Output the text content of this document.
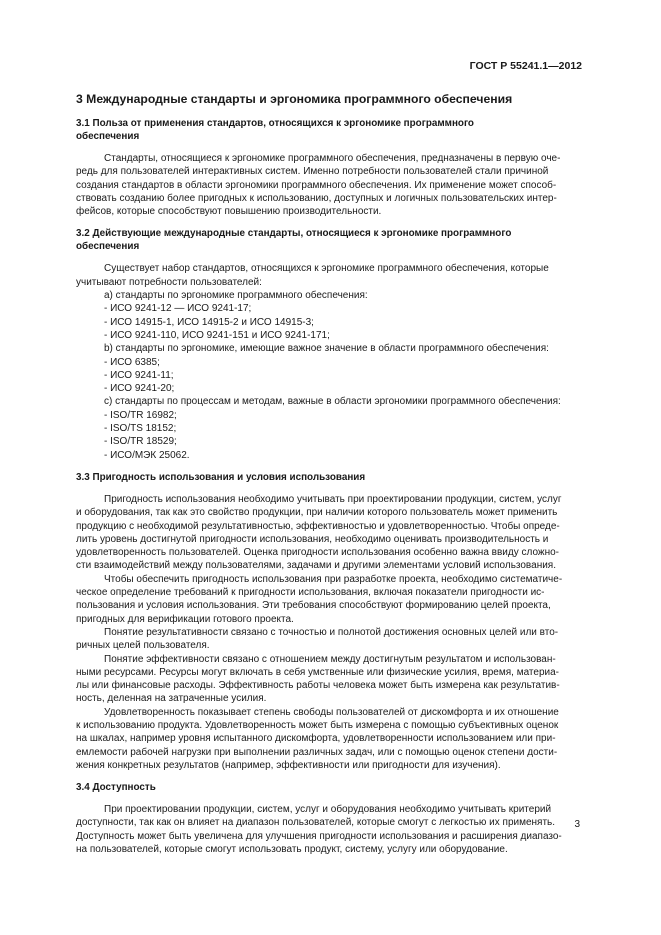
ГОСТ Р 55241.1—2012
3 Международные стандарты и эргономика программного обеспечения
3.1 Польза от применения стандартов, относящихся к эргономике программного
обеспечения

Стандарты, относящиеся к эргономике программного обеспечения, предназначены в первую оче-

редь для пользователей интерактивных систем. Именно потребности пользователей стали причиной

создания стандартов в области эргономики программного обеспечения. Их применение может способ-

ствовать созданию более пригодных к использованию, доступных и логичных пользовательских интер-

фейсов, которые способствуют повышению производительности.

3.2 Действующие международные стандарты, относящиеся к эргономике программного
обеспечения

Существует набор стандартов, относящихся к эргономике программного обеспечения, которые

учитывают потребности пользователей:

a) стандарты по эргономике программного обеспечения:

- ИСО 9241-12 — ИСО 9241-17;

- ИСО 14915-1, ИСО 14915-2 и ИСО 14915-3;

- ИСО 9241-110, ИСО 9241-151 и ИСО 9241-171;

b) стандарты по эргономике, имеющие важное значение в области программного обеспечения:

- ИСО 6385;

- ИСО 9241-11;

- ИСО 9241-20;

c) стандарты по процессам и методам, важные в области эргономики программного обеспечения:

- ISO/TR 16982;

- ISO/TS 18152;

- ISO/TR 18529;

- ИСО/МЭК 25062.

3.3 Пригодность использования и условия использования

Пригодность использования необходимо учитывать при проектировании продукции, систем, услуг

и оборудования, так как это свойство продукции, при наличии которого пользователь может применить

продукцию с необходимой результативностью, эффективностью и удовлетворенностью. Чтобы опреде-

лить уровень достигнутой пригодности использования, необходимо оценивать производительность и

удовлетворенность пользователей. Оценка пригодности использования особенно важна ввиду сложно-

сти взаимодействий между пользователями, задачами и другими элементами условий использования.

Чтобы обеспечить пригодность использования при разработке проекта, необходимо систематиче-

ческое определение требований к пригодности использования, включая показатели пригодности ис-

пользования и условия использования. Эти требования способствуют формированию целей проекта,

пригодных для верификации готового проекта.

Понятие результативности связано с точностью и полнотой достижения основных целей или вто-

ричных целей пользователя.

Понятие эффективности связано с отношением между достигнутым результатом и использован-

ными ресурсами. Ресурсы могут включать в себя умственные или физические усилия, время, материа-

лы или финансовые расходы. Эффективность работы человека может быть измерена как результатив-

ность, деленная на затраченные усилия.

Удовлетворенность показывает степень свободы пользователей от дискомфорта и их отношение

к использованию продукта. Удовлетворенность может быть измерена с помощью субъективных оценок

на шкалах, например уровня испытанного дискомфорта, удовлетворенности использованием или при-

емлемости рабочей нагрузки при выполнении различных задач, или с помощью оценок степени дости-

жения конкретных результатов (например, эффективности или пригодности для изучения).

3.4 Доступность

При проектировании продукции, систем, услуг и оборудования необходимо учитывать критерий

доступности, так как он влияет на диапазон пользователей, которые смогут с легкостью их применять.

Доступность может быть увеличена для улучшения пригодности использования и расширения диапазо-

на пользователей, которые смогут использовать продукт, систему, услугу или оборудование.

3
